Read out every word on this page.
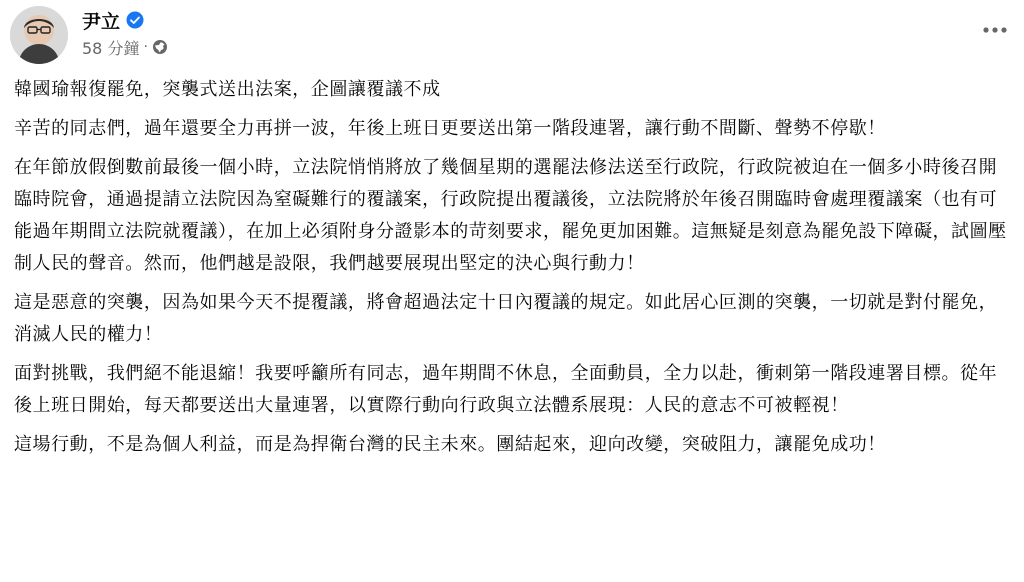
尹立
58 分鐘 ·

韓國瑜報復罷免，突襲式送出法案，企圖讓覆議不成

辛苦的同志們，過年還要全力再拼一波，年後上班日更要送出第一階段連署，讓行動不間斷、聲勢不停歇！

在年節放假倒數前最後一個小時，立法院悄悄將放了幾個星期的選罷法修法送至行政院，行政院被迫在一個多小時後召開臨時院會，通過提請立法院因為窒礙難行的覆議案，行政院提出覆議後，立法院將於年後召開臨時會處理覆議案（也有可能過年期間立法院就覆議），在加上必須附身分證影本的苛刻要求，罷免更加困難。這無疑是刻意為罷免設下障礙，試圖壓制人民的聲音。然而，他們越是設限，我們越要展現出堅定的決心與行動力！

這是惡意的突襲，因為如果今天不提覆議，將會超過法定十日內覆議的規定。如此居心叵測的突襲，一切就是對付罷免，消滅人民的權力！

面對挑戰，我們絕不能退縮！我要呼籲所有同志，過年期間不休息，全面動員，全力以赴，衝刺第一階段連署目標。從年後上班日開始，每天都要送出大量連署，以實際行動向行政與立法體系展現：人民的意志不可被輕視！

這場行動，不是為個人利益，而是為捍衛台灣的民主未來。團結起來，迎向改變，突破阻力，讓罷免成功！
